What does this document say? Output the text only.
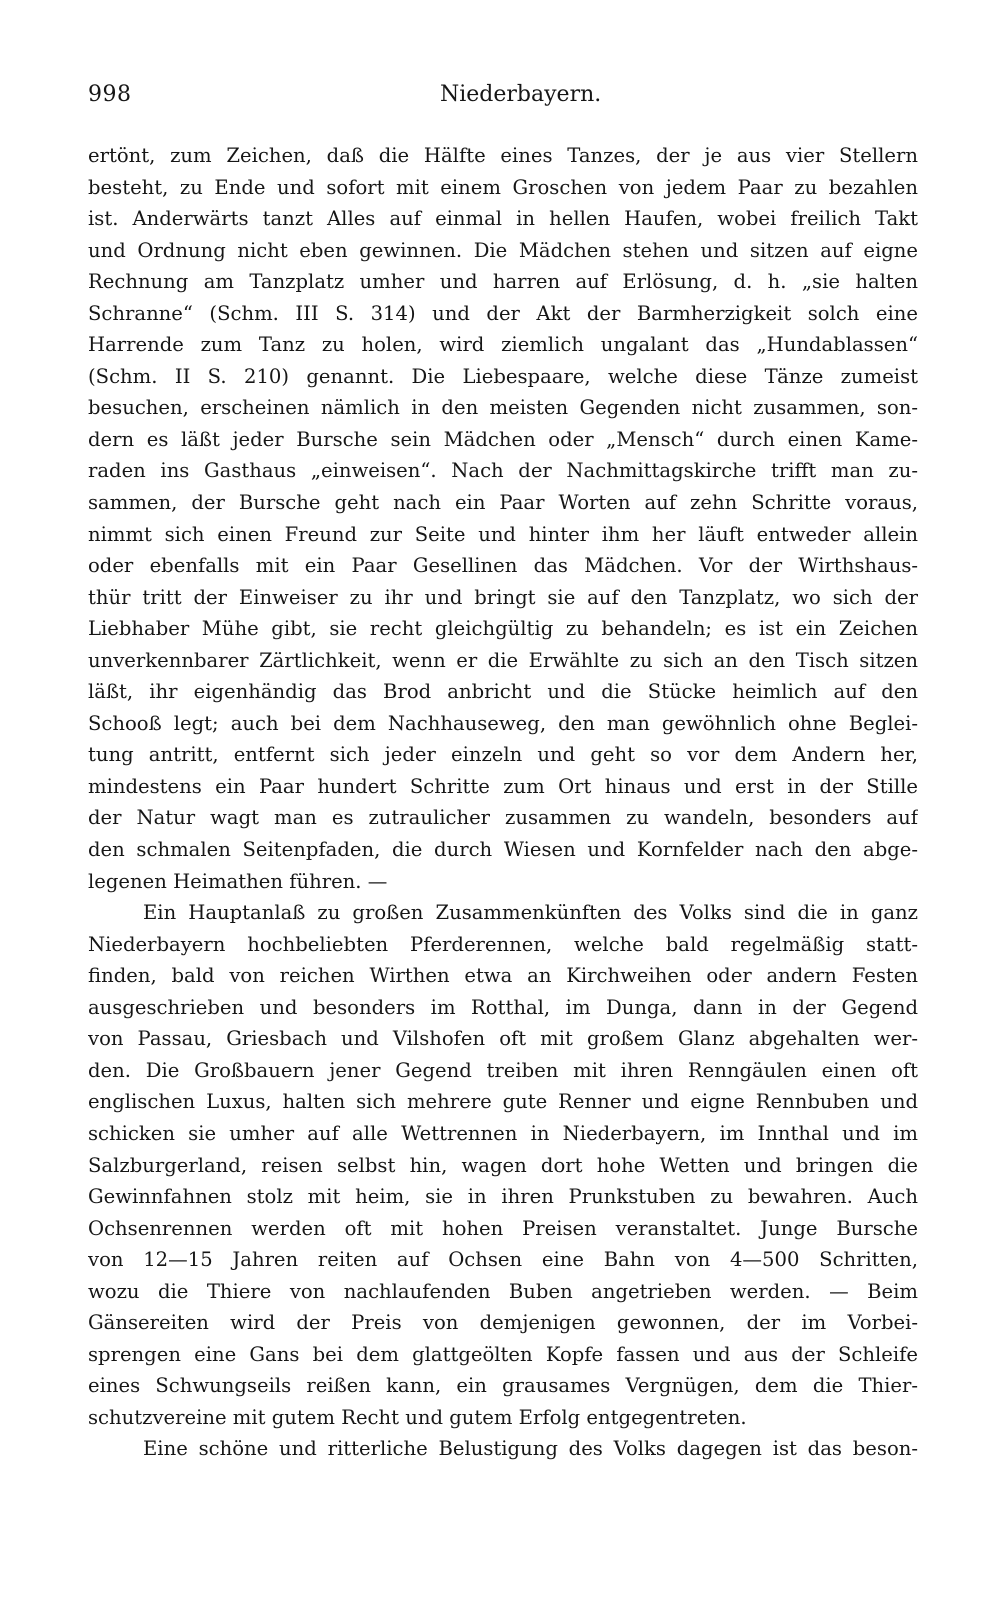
998	Niederbayern.
ertönt, zum Zeichen, daß die Hälfte eines Tanzes, der je aus vier Stellern
besteht, zu Ende und sofort mit einem Groschen von jedem Paar zu bezahlen
ist. Anderwärts tanzt Alles auf einmal in hellen Haufen, wobei freilich Takt
und Ordnung nicht eben gewinnen. Die Mädchen stehen und sitzen auf eigne
Rechnung am Tanzplatz umher und harren auf Erlösung, d. h. „sie halten
Schranne“ (Schm. III S. 314) und der Akt der Barmherzigkeit solch eine
Harrende zum Tanz zu holen, wird ziemlich ungalant das „Hundablassen“
(Schm. II S. 210) genannt. Die Liebespaare, welche diese Tänze zumeist
besuchen, erscheinen nämlich in den meisten Gegenden nicht zusammen, son-
dern es läßt jeder Bursche sein Mädchen oder „Mensch“ durch einen Kame-
raden ins Gasthaus „einweisen“. Nach der Nachmittagskirche trifft man zu-
sammen, der Bursche geht nach ein Paar Worten auf zehn Schritte voraus,
nimmt sich einen Freund zur Seite und hinter ihm her läuft entweder allein
oder ebenfalls mit ein Paar Gesellinen das Mädchen. Vor der Wirthshaus-
thür tritt der Einweiser zu ihr und bringt sie auf den Tanzplatz, wo sich der
Liebhaber Mühe gibt, sie recht gleichgültig zu behandeln; es ist ein Zeichen
unverkennbarer Zärtlichkeit, wenn er die Erwählte zu sich an den Tisch sitzen
läßt, ihr eigenhändig das Brod anbricht und die Stücke heimlich auf den
Schooß legt; auch bei dem Nachhauseweg, den man gewöhnlich ohne Beglei-
tung antritt, entfernt sich jeder einzeln und geht so vor dem Andern her,
mindestens ein Paar hundert Schritte zum Ort hinaus und erst in der Stille
der Natur wagt man es zutraulicher zusammen zu wandeln, besonders auf
den schmalen Seitenpfaden, die durch Wiesen und Kornfelder nach den abge-
legenen Heimathen führen. —
Ein Hauptanlaß zu großen Zusammenkünften des Volks sind die in ganz
Niederbayern hochbeliebten Pferderennen, welche bald regelmäßig statt-
finden, bald von reichen Wirthen etwa an Kirchweihen oder andern Festen
ausgeschrieben und besonders im Rotthal, im Dunga, dann in der Gegend
von Passau, Griesbach und Vilshofen oft mit großem Glanz abgehalten wer-
den. Die Großbauern jener Gegend treiben mit ihren Renngäulen einen oft
englischen Luxus, halten sich mehrere gute Renner und eigne Rennbuben und
schicken sie umher auf alle Wettrennen in Niederbayern, im Innthal und im
Salzburgerland, reisen selbst hin, wagen dort hohe Wetten und bringen die
Gewinnfahnen stolz mit heim, sie in ihren Prunkstuben zu bewahren. Auch
Ochsenrennen werden oft mit hohen Preisen veranstaltet. Junge Bursche
von 12—15 Jahren reiten auf Ochsen eine Bahn von 4—500 Schritten,
wozu die Thiere von nachlaufenden Buben angetrieben werden. — Beim
Gänsereiten wird der Preis von demjenigen gewonnen, der im Vorbei-
sprengen eine Gans bei dem glattgeölten Kopfe fassen und aus der Schleife
eines Schwungseils reißen kann, ein grausames Vergnügen, dem die Thier-
schutzvereine mit gutem Recht und gutem Erfolg entgegentreten.
Eine schöne und ritterliche Belustigung des Volks dagegen ist das beson-
